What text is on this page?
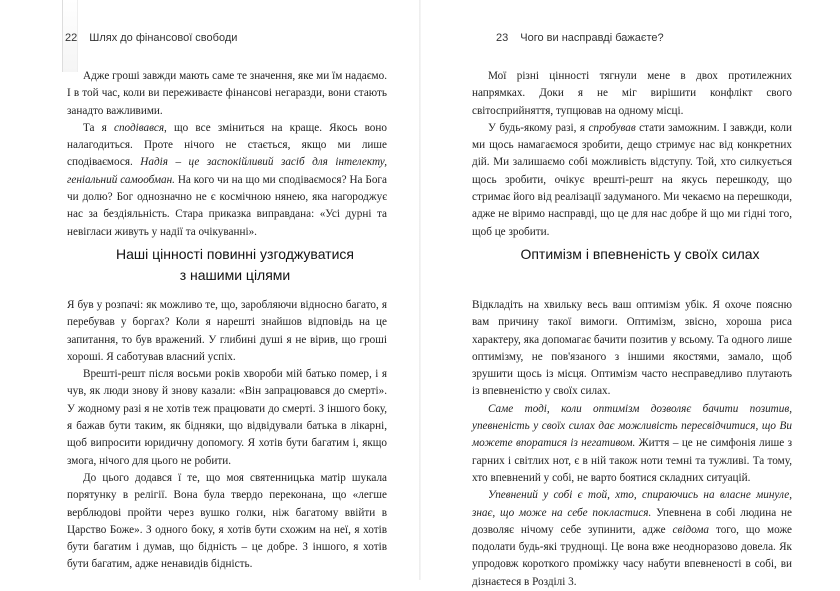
22 Шлях до фінансової свободи

Адже гроші завжди мають саме те значення, яке ми їм надаємо. І в той час, коли ви переживаєте фінансові негаразди, вони стають занадто важливими.

Та я сподівався, що все зміниться на краще. Якось воно налагодиться. Проте нічого не стається, якщо ми лише сподіваємося. Надія – це заспокійливий засіб для інтелекту, геніальний самообман. На кого чи на що ми сподіваємося? На Бога чи долю? Бог однозначно не є космічною нянею, яка нагороджує нас за бездіяльність. Стара приказка виправдана: «Усі дурні та невігласи живуть у надії та очікуванні».

Наші цінності повинні узгоджуватися
з нашими цілями

Я був у розпачі: як можливо те, що, заробляючи відносно багато, я перебував у боргах? Коли я нарешті знайшов відповідь на це запитання, то був вражений. У глибині душі я не вірив, що гроші хороші. Я саботував власний успіх.

Врешті-решт після восьми років хвороби мій батько помер, і я чув, як люди знову й знову казали: «Він запрацювався до смерті». У жодному разі я не хотів теж працювати до смерті. З іншого боку, я бажав бути таким, як бідняки, що відвідували батька в лікарні, щоб випросити юридичну допомогу. Я хотів бути багатим і, якщо змога, нічого для цього не робити.

До цього додався ї те, що моя святенницька матір шукала порятунку в релігії. Вона була твердо переконана, що «легше верблюдові пройти через вушко голки, ніж багатому ввійти в Царство Боже». З одного боку, я хотів бути схожим на неї, я хотів бути багатим і думав, що бідність – це добре. З іншого, я хотів бути багатим, адже ненавидів бідність.

23 Чого ви насправді бажаєте?

Мої різні цінності тягнули мене в двох протилежних напрямках. Доки я не міг вирішити конфлікт свого світосприйняття, тупцював на одному місці.

У будь-якому разі, я спробував стати заможним. І завжди, коли ми щось намагаємося зробити, дещо стримує нас від конкретних дій. Ми залишаємо собі можливість відступу. Той, хто силкується щось зробити, очікує врешті-решт на якусь перешкоду, що стримає його від реалізації задуманого. Ми чекаємо на перешкоди, адже не віримо насправді, що це для нас добре й що ми гідні того, щоб це зробити.

Оптимізм і впевненість у своїх силах

Відкладіть на хвильку весь ваш оптимізм убік. Я охоче поясню вам причину такої вимоги. Оптимізм, звісно, хороша риса характеру, яка допомагає бачити позитив у всьому. Та одного лише оптимізму, не пов'язаного з іншими якостями, замало, щоб зрушити щось із місця. Оптимізм часто несправедливо плутають із впевненістю у своїх силах.

Саме тоді, коли оптимізм дозволяє бачити позитив, упевненість у своїх силах дає можливість пересвідчитися, що Ви можете впоратися із негативом. Життя – це не симфонія лише з гарних і світлих нот, є в ній також ноти темні та тужливі. Та тому, хто впевнений у собі, не варто боятися складних ситуацій.

Упевнений у собі є той, хто, спираючись на власне минуле, знає, що може на себе покластися. Упевнена в собі людина не дозволяє нічому себе зупинити, адже свідома того, що може подолати будь-які труднощі. Це вона вже неодноразово довела. Як упродовж короткого проміжку часу набути впевненості в собі, ви дізнаєтеся в Розділі 3.
